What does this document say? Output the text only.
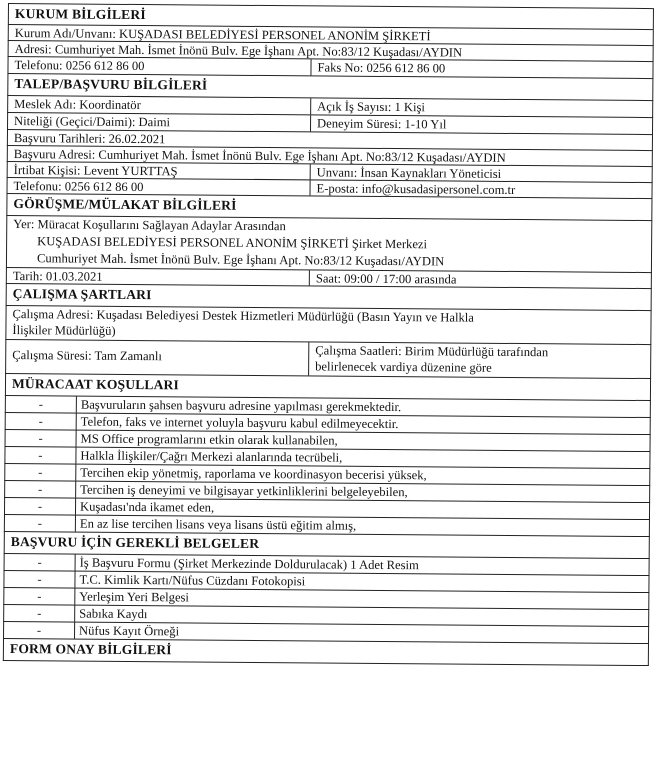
KURUM BİLGİLERİ
Kurum Adı/Unvanı: KUŞADASI BELEDİYESİ PERSONEL ANONİM ŞİRKETİ
Adresi: Cumhuriyet Mah. İsmet İnönü Bulv. Ege İşhanı Apt. No:83/12 Kuşadası/AYDIN
Telefonu: 0256 612 86 00	Faks No: 0256 612 86 00
TALEP/BAŞVURU BİLGİLERİ
Meslek Adı: Koordinatör	Açık İş Sayısı: 1 Kişi
Niteliği (Geçici/Daimi): Daimi	Deneyim Süresi: 1-10 Yıl
Başvuru Tarihleri: 26.02.2021
Başvuru Adresi: Cumhuriyet Mah. İsmet İnönü Bulv. Ege İşhanı Apt. No:83/12 Kuşadası/AYDIN
İrtibat Kişisi: Levent YURTTAŞ	Unvanı: İnsan Kaynakları Yöneticisi
Telefonu: 0256 612 86 00	E-posta: info@kusadasipersonel.com.tr
GÖRÜŞME/MÜLAKAT BİLGİLERİ
Yer: Müracat Koşullarını Sağlayan Adaylar Arasından
KUŞADASI BELEDİYESİ PERSONEL ANONİM ŞİRKETİ Şirket Merkezi
Cumhuriyet Mah. İsmet İnönü Bulv. Ege İşhanı Apt. No:83/12 Kuşadası/AYDIN
Tarih: 01.03.2021	Saat: 09:00 / 17:00 arasında
ÇALIŞMA ŞARTLARI
Çalışma Adresi: Kuşadası Belediyesi Destek Hizmetleri Müdürlüğü (Basın Yayın ve Halkla
İlişkiler Müdürlüğü)
Çalışma Süresi: Tam Zamanlı	Çalışma Saatleri: Birim Müdürlüğü tarafından
belirlenecek vardiya düzenine göre
MÜRACAAT KOŞULLARI
-	Başvuruların şahsen başvuru adresine yapılması gerekmektedir.
-	Telefon, faks ve internet yoluyla başvuru kabul edilmeyecektir.
-	MS Office programlarını etkin olarak kullanabilen,
-	Halkla İlişkiler/Çağrı Merkezi alanlarında tecrübeli,
-	Tercihen ekip yönetmiş, raporlama ve koordinasyon becerisi yüksek,
-	Tercihen iş deneyimi ve bilgisayar yetkinliklerini belgeleyebilen,
-	Kuşadası'nda ikamet eden,
-	En az lise tercihen lisans veya lisans üstü eğitim almış,
BAŞVURU İÇİN GEREKLİ BELGELER
-	İş Başvuru Formu (Şirket Merkezinde Doldurulacak) 1 Adet Resim
-	T.C. Kimlik Kartı/Nüfus Cüzdanı Fotokopisi
-	Yerleşim Yeri Belgesi
-	Sabıka Kaydı
-	Nüfus Kayıt Örneği
FORM ONAY BİLGİLERİ
